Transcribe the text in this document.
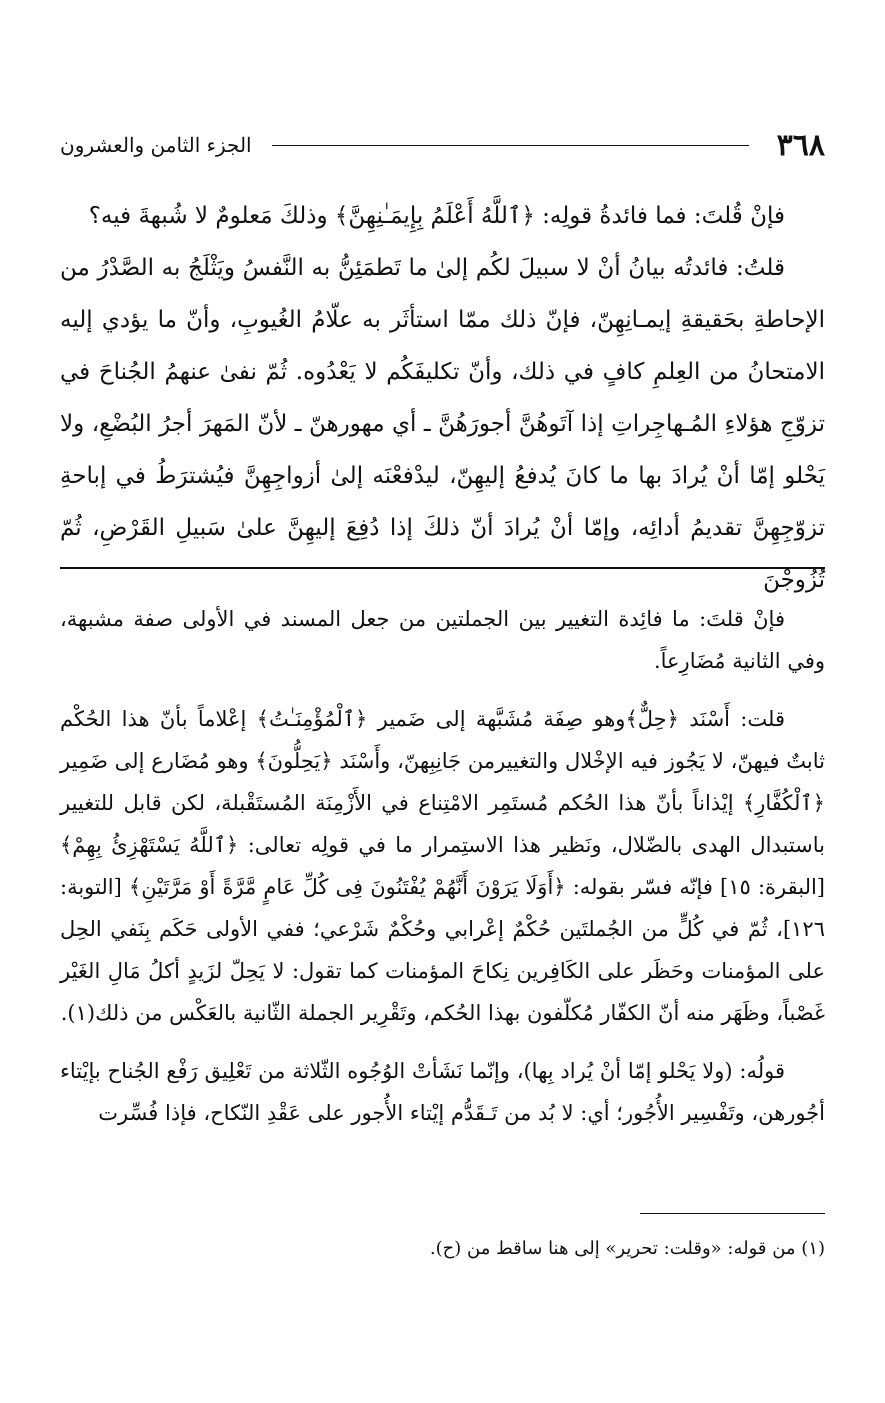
٣٦٨
الجزء الثامن والعشرون

فإنْ قُلتَ: فما فائدةُ قولِه: ﴿ٱللَّهُ أَعْلَمُ بِإِيمَـٰنِهِنَّ﴾ وذلكَ مَعلومٌ لا شُبهةَ فيه؟

قلتُ: فائدتُه بيانُ أنْ لا سبيلَ لكُم إلىٰ ما تَطمَئِنُّ به النَّفسُ ويَثْلَجُ به الصَّدْرُ من الإحاطةِ بحَقيقةِ إيمـانِهِنّ، فإنّ ذلك ممّا استأثَر به علّامُ الغُيوبِ، وأنّ ما يؤدي إليه الامتحانُ من العِلمِ كافٍ في ذلك، وأنّ تكليفَكُم لا يَعْدُوه. ثُمّ نفىٰ عنهمُ الجُناحَ في تزوّجِ هؤلاءِ المُـهاجِراتِ إذا آتَوهُنَّ أجورَهُنَّ ـ أي مهورهنّ ـ لأنّ المَهرَ أجرُ البُضْعِ، ولا يَحْلو إمّا أنْ يُرادَ بها ما كانَ يُدفعُ إليهِنّ، ليدْفعْنَه إلىٰ أزواجِهِنَّ فيُشترَطُ في إباحةِ تزوّجِهِنَّ تقديمُ أدائِه، وإمّا أنْ يُرادَ أنّ ذلكَ إذا دُفِعَ إليهِنَّ علىٰ سَبيلِ القَرْضِ، ثُمّ تُزُوجْنَ

فإنْ قلتَ: ما فائِدة التغيير بين الجملتين من جعل المسند في الأولى صفة مشبهة، وفي الثانية مُضَارِعاً.

قلت: أَسْنَد ﴿حِلٌّ﴾وهو صِفَة مُشَبَّهة إلى ضَمير ﴿ٱلْمُؤْمِنَـٰتُ﴾ إعْلاماً بأنّ هذا الحُكْم ثابتٌ فيهنّ، لا يَجُوز فيه الإخْلال والتغييرمن جَانِبِهنّ، وأَسْنَد ﴿يَحِلُّونَ﴾ وهو مُضَارع إلى ضَمِير ﴿ٱلْكُفَّارِ﴾ إيْذاناً بأنّ هذا الحُكم مُستَمِر الامْتِناع في الأَزْمِنَة المُستَقْبلة، لكن قابل للتغيير باستبدال الهدى بالضّلال، ونَظير هذا الاستِمرار ما في قولِه تعالى: ﴿ٱللَّهُ يَسْتَهْزِئُ بِهِمْ﴾ [البقرة: ١٥] فإنّه فسّر بقوله: ﴿أَوَلَا يَرَوْنَ أَنَّهُمْ يُفْتَنُونَ فِى كُلِّ عَامٍ مَّرَّةً أَوْ مَرَّتَيْنِ﴾ [التوبة: ١٢٦]، ثُمّ في كُلٍّ من الجُملتَين حُكْمٌ إعْرابي وحُكْمٌ شَرْعي؛ ففي الأولى حَكَم بِنَفي الحِل على المؤمنات وحَظَر على الكَافِرين نِكاحَ المؤمنات كما تقول: لا يَحِلّ لزَيدٍ أكلُ مَالِ الغَيْر غَصْباً، وظَهَر منه أنّ الكفّار مُكلّفون بهذا الحُكم، وتَقْرِير الجملة الثّانية بالعَكْس من ذلك(١).

قولُه: (ولا يَحْلو إمّا أنْ يُراد بِها)، وإنّما نَشَأتْ الوُجُوه الثّلاثة من تَعْلِيق رَفْع الجُناح بإيْتاء أجُورهن، وتَفْسِير الأُجُور؛ أي: لا بُد من تَـقَدُّم إيْتاء الأُجور على عَقْدِ النّكاح، فإذا فُسِّرت

(١) من قوله: «وقلت: تحرير» إلى هنا ساقط من (ح).
